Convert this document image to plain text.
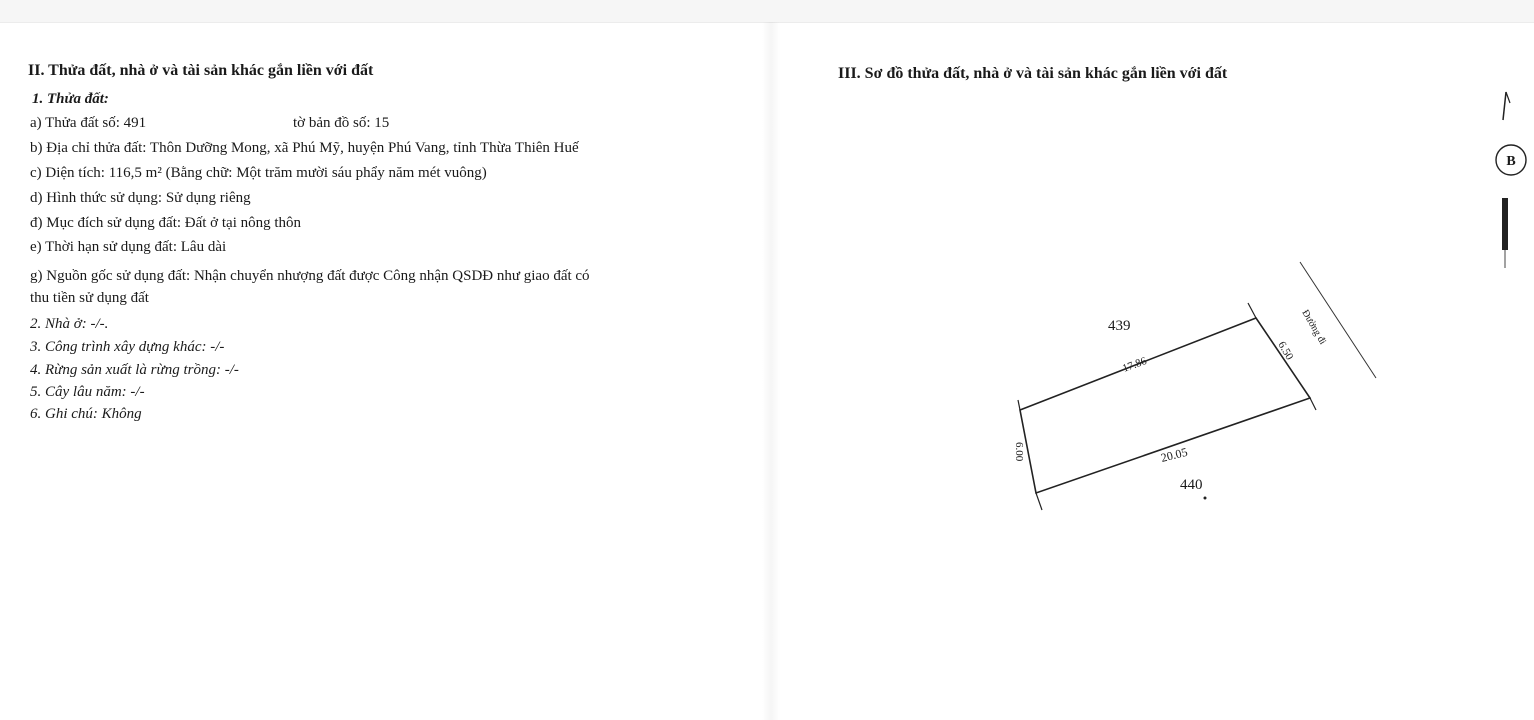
II. Thửa đất, nhà ở và tài sản khác gắn liền với đất
1. Thửa đất:
a) Thửa đất số: 491	tờ bản đồ số: 15
b) Địa chỉ thửa đất: Thôn Dưỡng Mong, xã Phú Mỹ, huyện Phú Vang, tỉnh Thừa Thiên Huế
c) Diện tích: 116,5 m² (Bằng chữ: Một trăm mười sáu phẩy năm mét vuông)
d) Hình thức sử dụng: Sử dụng riêng
đ) Mục đích sử dụng đất: Đất ở tại nông thôn
e) Thời hạn sử dụng đất: Lâu dài
g) Nguồn gốc sử dụng đất: Nhận chuyển nhượng đất được Công nhận QSDĐ như giao đất có
thu tiền sử dụng đất
2. Nhà ở: -/-.
3. Công trình xây dựng khác: -/-
4. Rừng sản xuất là rừng trồng: -/-
5. Cây lâu năm: -/-
6. Ghi chú: Không
III. Sơ đồ thửa đất, nhà ở và tài sản khác gắn liền với đất
B
439
440
17.86
20.05
6.00
6.50
Đường đi
